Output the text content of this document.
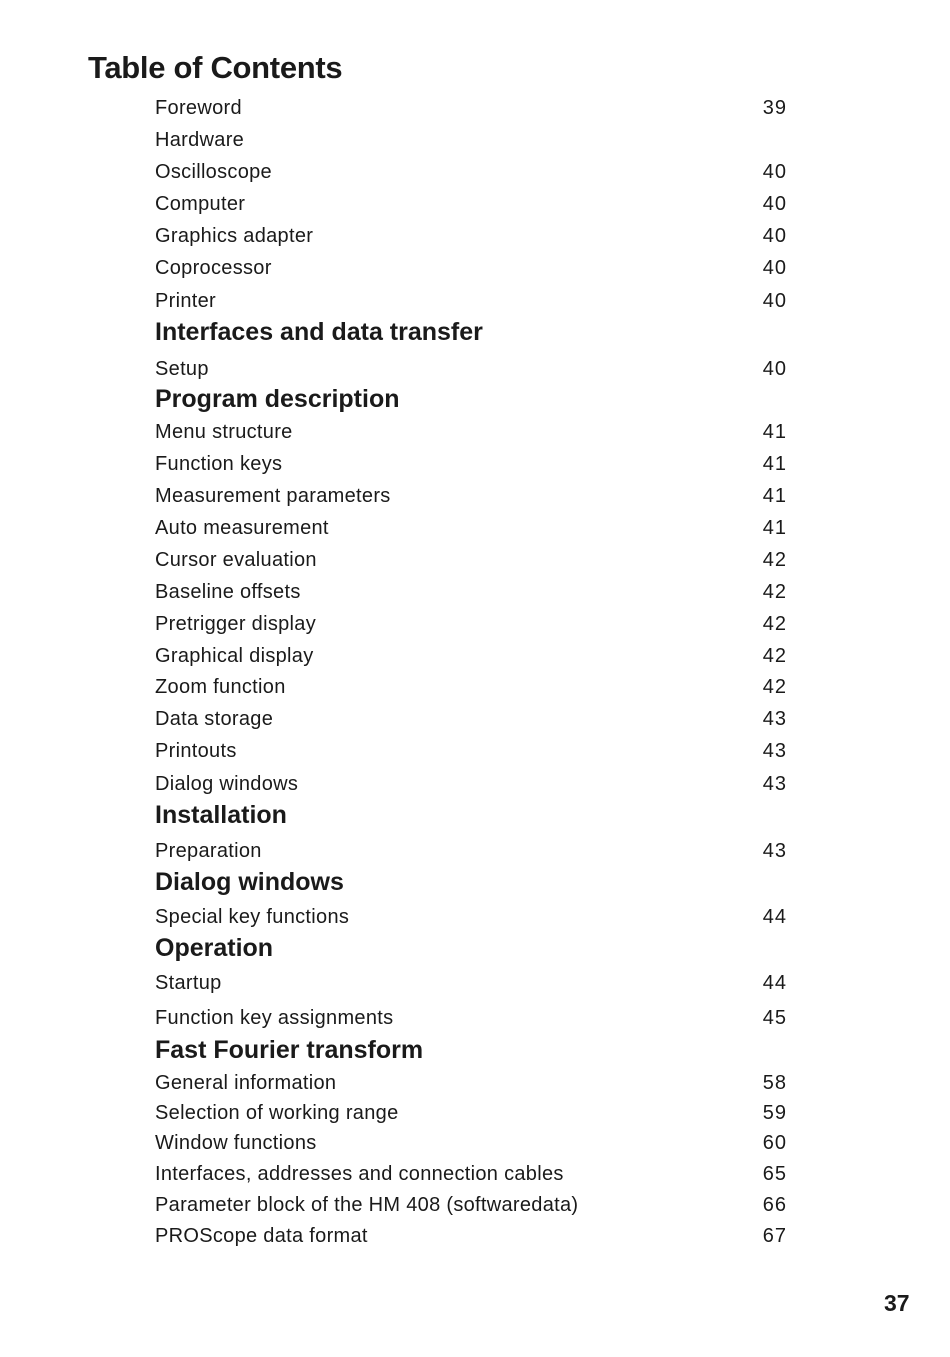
Table of Contents
Foreword	39
Hardware
Oscilloscope	40
Computer	40
Graphics adapter	40
Coprocessor	40
Printer	40
Interfaces and data transfer
Setup	40
Program description
Menu structure	41
Function keys	41
Measurement parameters	41
Auto measurement	41
Cursor evaluation	42
Baseline offsets	42
Pretrigger display	42
Graphical display	42
Zoom function	42
Data storage	43
Printouts	43
Dialog windows	43
Installation
Preparation	43
Dialog windows
Special key functions	44
Operation
Startup	44
Function key assignments	45
Fast Fourier transform
General information	58
Selection of working range	59
Window functions	60
Interfaces, addresses and connection cables	65
Parameter block of the HM 408 (softwaredata)	66
PROScope data format	67
37
